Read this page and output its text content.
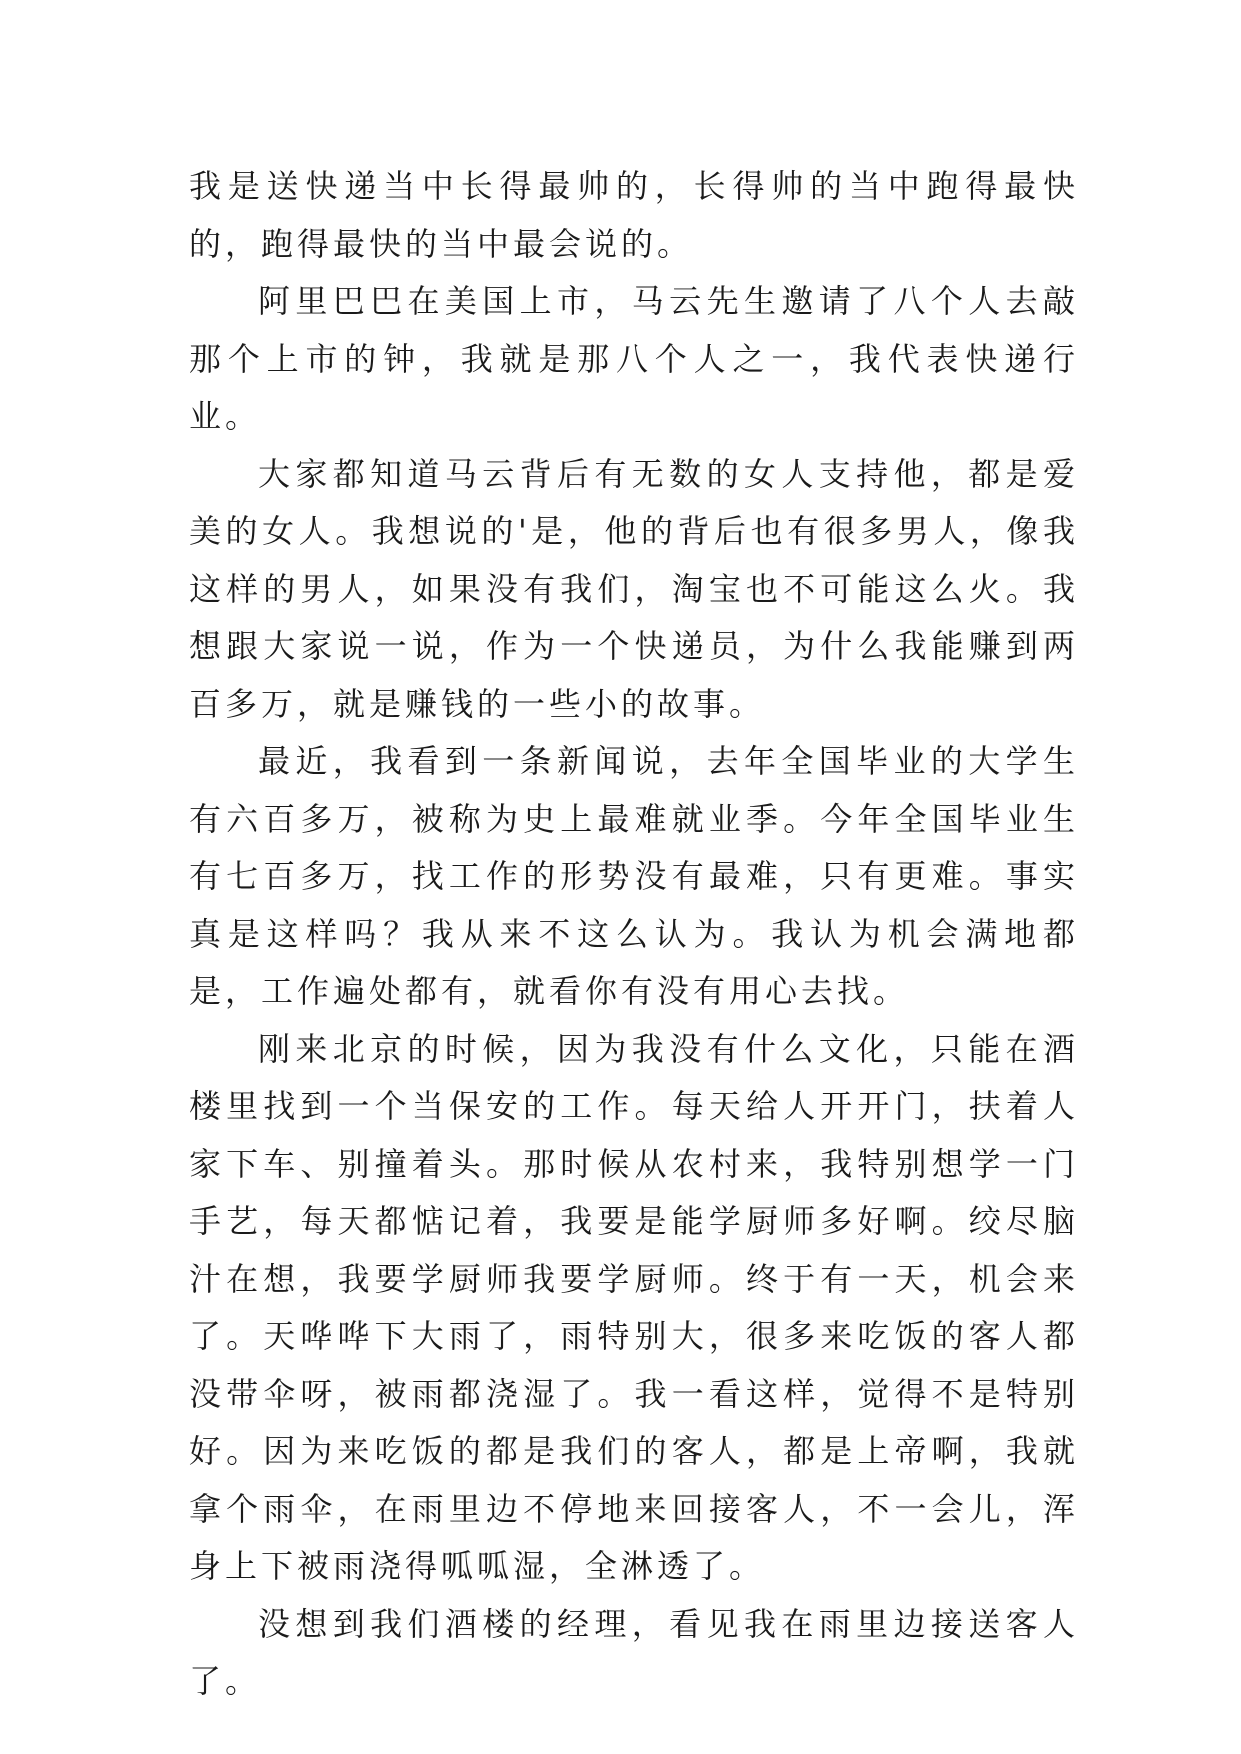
我是送快递当中长得最帅的，长得帅的当中跑得最快的，跑得最快的当中最会说的。

阿里巴巴在美国上市，马云先生邀请了八个人去敲那个上市的钟，我就是那八个人之一，我代表快递行业。

大家都知道马云背后有无数的女人支持他，都是爱美的女人。我想说的'是，他的背后也有很多男人，像我这样的男人，如果没有我们，淘宝也不可能这么火。我想跟大家说一说，作为一个快递员，为什么我能赚到两百多万，就是赚钱的一些小的故事。

最近，我看到一条新闻说，去年全国毕业的大学生有六百多万，被称为史上最难就业季。今年全国毕业生有七百多万，找工作的形势没有最难，只有更难。事实真是这样吗？我从来不这么认为。我认为机会满地都是，工作遍处都有，就看你有没有用心去找。

刚来北京的时候，因为我没有什么文化，只能在酒楼里找到一个当保安的工作。每天给人开开门，扶着人家下车、别撞着头。那时候从农村来，我特别想学一门手艺，每天都惦记着，我要是能学厨师多好啊。绞尽脑汁在想，我要学厨师我要学厨师。终于有一天，机会来了。天哗哗下大雨了，雨特别大，很多来吃饭的客人都没带伞呀，被雨都浇湿了。我一看这样，觉得不是特别好。因为来吃饭的都是我们的客人，都是上帝啊，我就拿个雨伞，在雨里边不停地来回接客人，不一会儿，浑身上下被雨浇得呱呱湿，全淋透了。

没想到我们酒楼的经理，看见我在雨里边接送客人了。
